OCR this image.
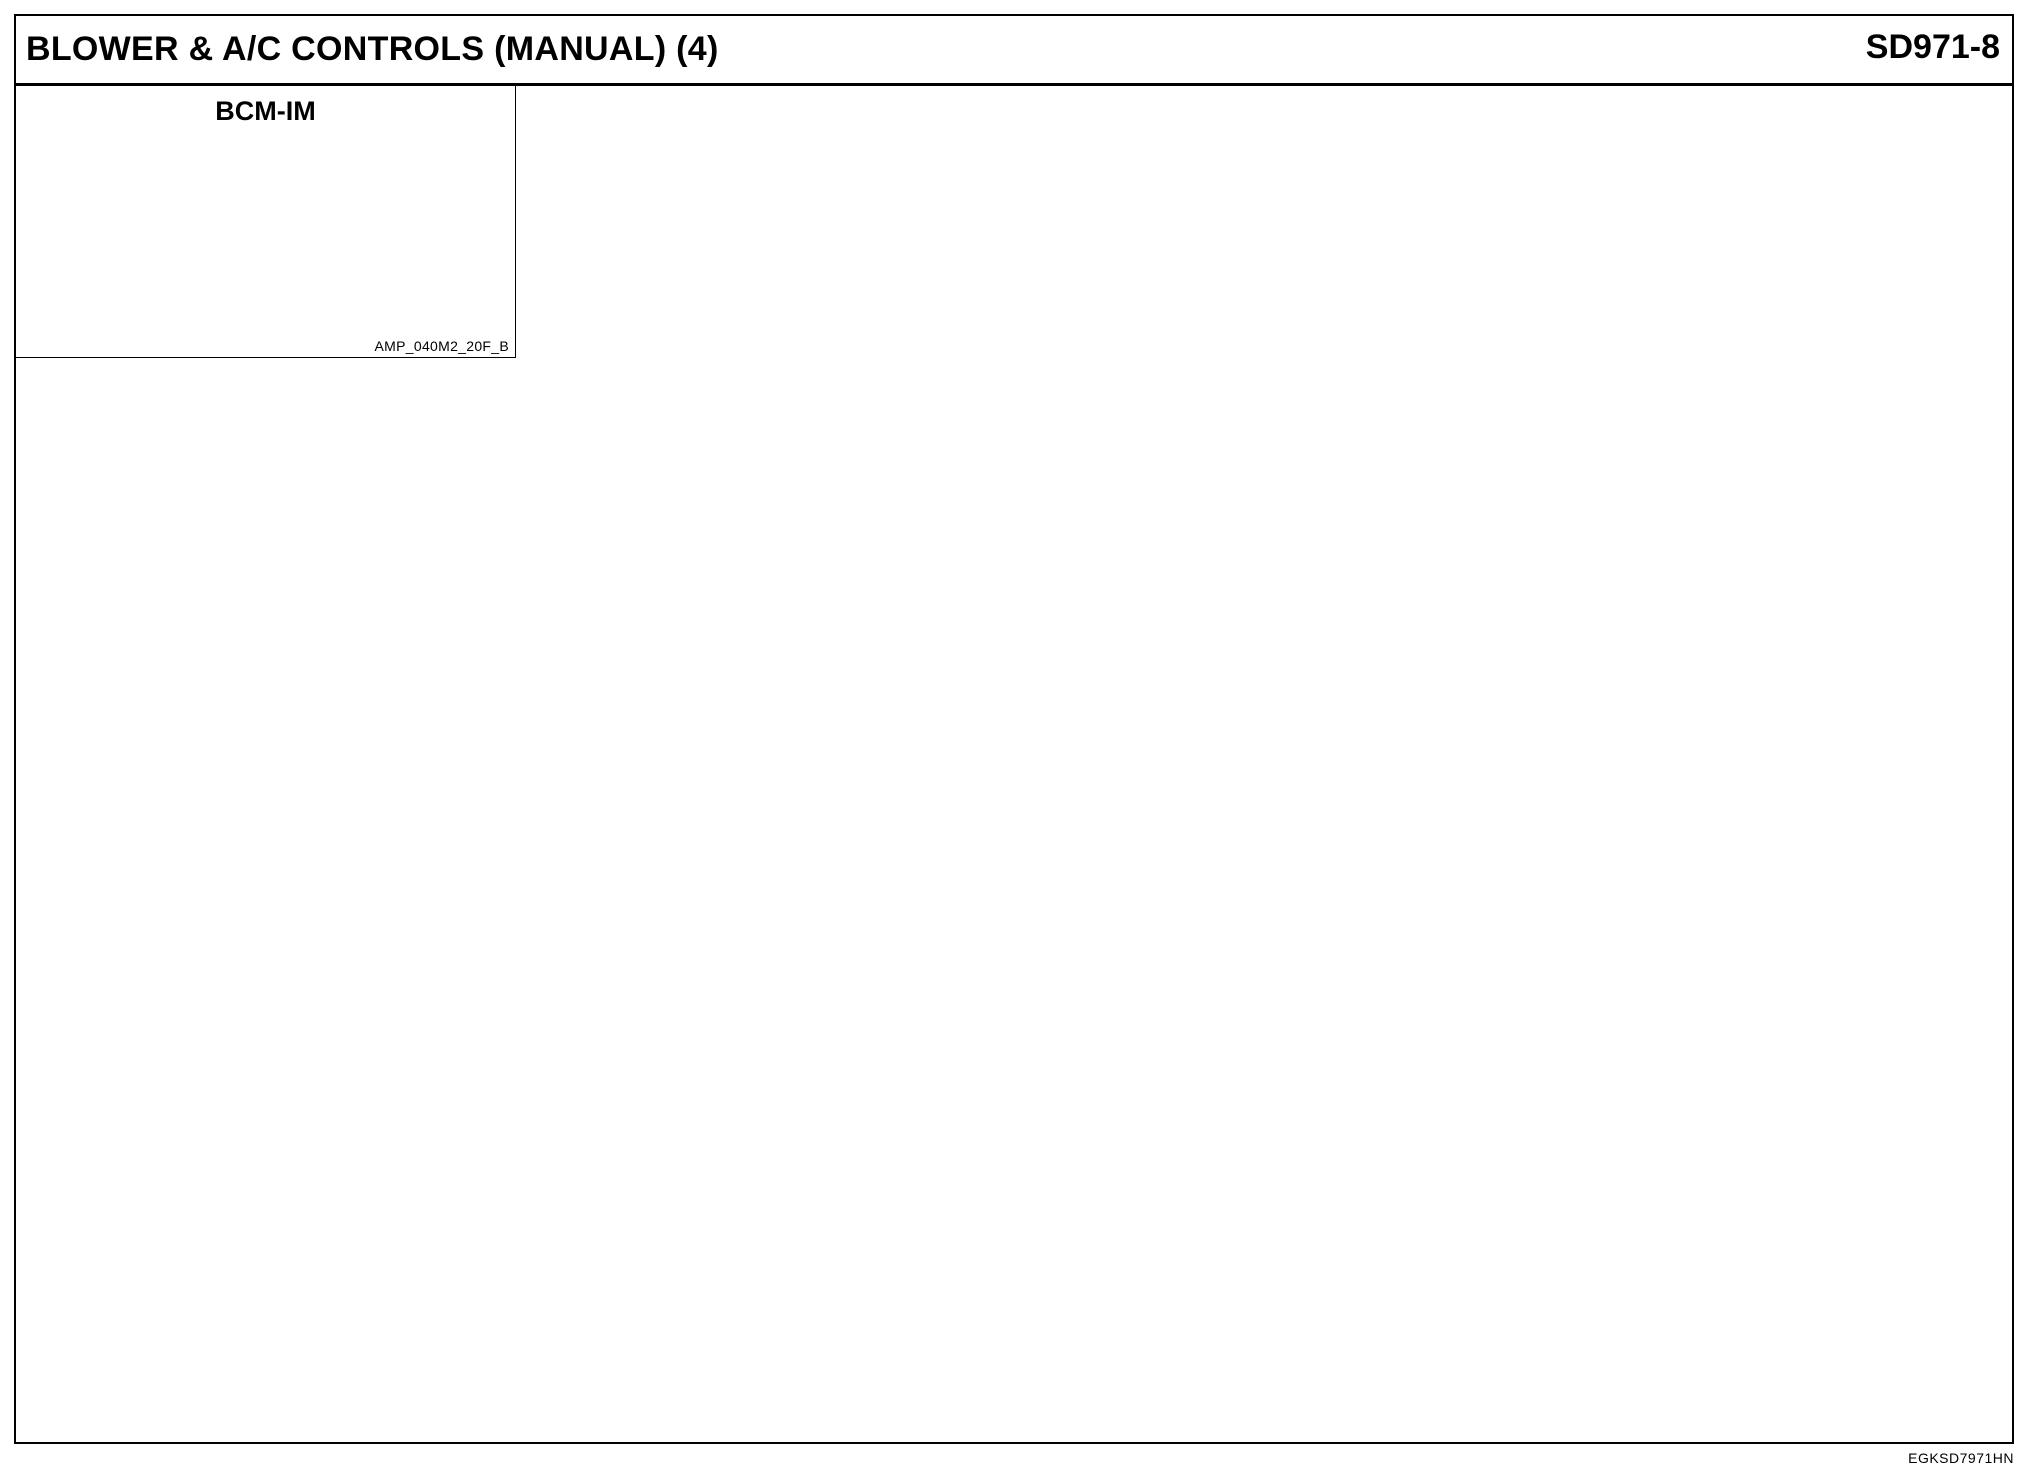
BLOWER & A/C CONTROLS (MANUAL) (4)	SD971-8
BCM-IM
AMP_040M2_20F_B
EGKSD7971HN
